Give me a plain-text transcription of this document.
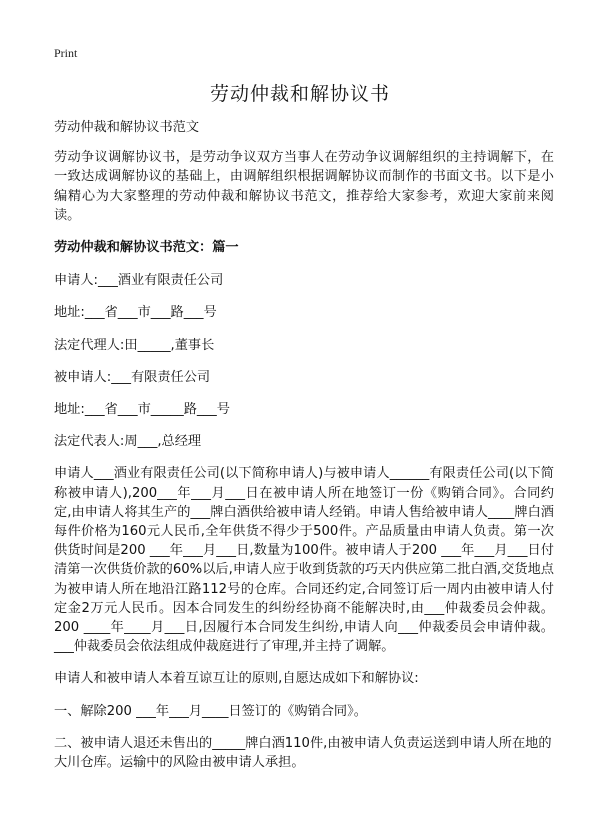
Print
劳动仲裁和解协议书

劳动仲裁和解协议书范文

劳动争议调解协议书，是劳动争议双方当事人在劳动争议调解组织的主持调解下，在一致达成调解协议的基础上，由调解组织根据调解协议而制作的书面文书。以下是小编精心为大家整理的劳动仲裁和解协议书范文，推荐给大家参考，欢迎大家前来阅读。

劳动仲裁和解协议书范文：篇一

申请人:___酒业有限责任公司

地址:___省___市___路___号

法定代理人:田_____,董事长

被申请人:___有限责任公司

地址:___省___市_____路___号

法定代表人:周___,总经理

申请人___酒业有限责任公司(以下简称申请人)与被申请人______有限责任公司(以下简称被申请人),200___年___月___日在被申请人所在地签订一份《购销合同》。合同约定,由申请人将其生产的___牌白酒供给被申请人经销。申请人售给被申请人____牌白酒每件价格为160元人民币,全年供货不得少于500件。产品质量由申请人负责。第一次供货时间是200 ___年___月___日,数量为100件。被申请人于200 ___年___月___日付清第一次供货价款的60%以后,申请人应于收到货款的巧天内供应第二批白酒,交货地点为被申请人所在地沿江路112号的仓库。合同还约定,合同签订后一周内由被申请人付定金2万元人民币。因本合同发生的纠纷经协商不能解决时,由___仲裁委员会仲裁。200 ____年____月___日,因履行本合同发生纠纷,申请人向___仲裁委员会申请仲裁。___仲裁委员会依法组成仲裁庭进行了审理,并主持了调解。

申请人和被申请人本着互谅互让的原则,自愿达成如下和解协议:

一、解除200 ___年___月____日签订的《购销合同》。

二、被申请人退还未售出的_____牌白酒110件,由被申请人负责运送到申请人所在地的大川仓库。运输中的风险由被申请人承担。
